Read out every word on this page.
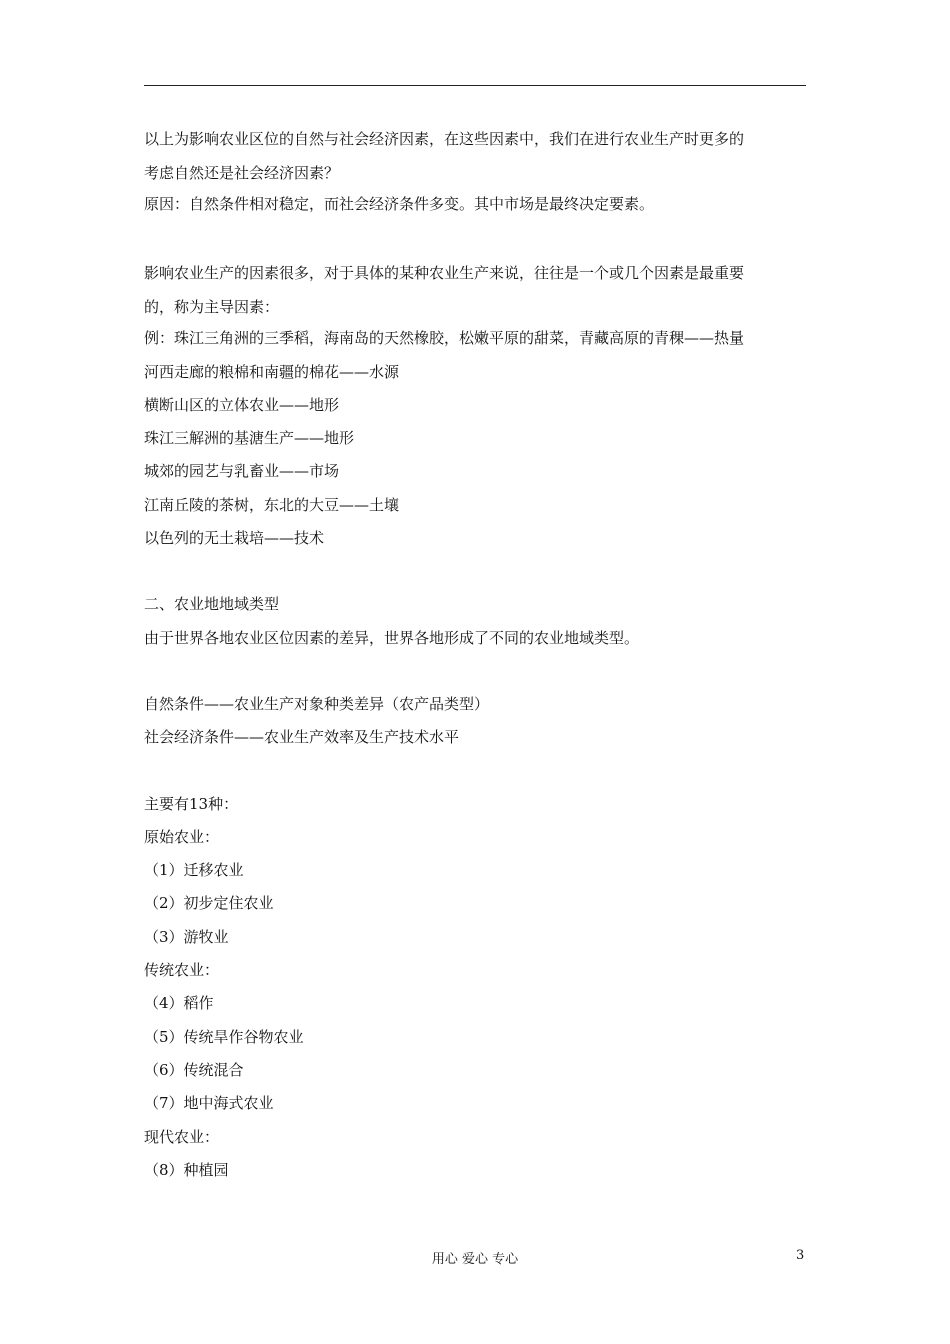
以上为影响农业区位的自然与社会经济因素，在这些因素中，我们在进行农业生产时更多的
考虑自然还是社会经济因素？
原因：自然条件相对稳定，而社会经济条件多变。其中市场是最终决定要素。
影响农业生产的因素很多，对于具体的某种农业生产来说，往往是一个或几个因素是最重要
的，称为主导因素：
例：珠江三角洲的三季稻，海南岛的天然橡胶，松嫩平原的甜菜，青藏高原的青稞——热量
河西走廊的粮棉和南疆的棉花——水源
横断山区的立体农业——地形
珠江三解洲的基溏生产——地形
城郊的园艺与乳畜业——市场
江南丘陵的茶树，东北的大豆——土壤
以色列的无土栽培——技术
二、农业地地域类型
由于世界各地农业区位因素的差异，世界各地形成了不同的农业地域类型。
自然条件——农业生产对象种类差异（农产品类型）
社会经济条件——农业生产效率及生产技术水平
主要有13种：
原始农业：
（1）迁移农业
（2）初步定住农业
（3）游牧业
传统农业：
（4）稻作
（5）传统旱作谷物农业
（6）传统混合
（7）地中海式农业
现代农业：
（8）种植园
用心 爱心 专心	3
